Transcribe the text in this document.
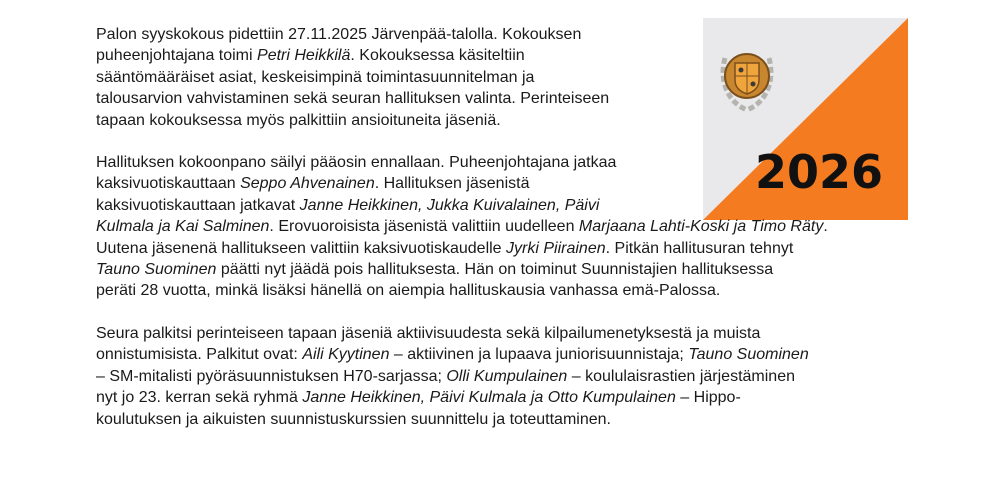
2026

Palon syyskokous pidettiin 27.11.2025 Järvenpää-talolla. Kokouksen
puheenjohtajana toimi Petri Heikkilä. Kokouksessa käsiteltiin
sääntömääräiset asiat, keskeisimpinä toimintasuunnitelman ja
talousarvion vahvistaminen sekä seuran hallituksen valinta. Perinteiseen
tapaan kokouksessa myös palkittiin ansioituneita jäseniä.

Hallituksen kokoonpano säilyi pääosin ennallaan. Puheenjohtajana jatkaa
kaksivuotiskauttaan Seppo Ahvenainen. Hallituksen jäsenistä
kaksivuotiskauttaan jatkavat Janne Heikkinen, Jukka Kuivalainen, Päivi
Kulmala ja Kai Salminen. Erovuoroisista jäsenistä valittiin uudelleen Marjaana Lahti-Koski ja Timo Räty.
Uutena jäsenenä hallitukseen valittiin kaksivuotiskaudelle Jyrki Piirainen. Pitkän hallitusuran tehnyt
Tauno Suominen päätti nyt jäädä pois hallituksesta. Hän on toiminut Suunnistajien hallituksessa
peräti 28 vuotta, minkä lisäksi hänellä on aiempia hallituskausia vanhassa emä-Palossa.

Seura palkitsi perinteiseen tapaan jäseniä aktiivisuudesta sekä kilpailumenetyksestä ja muista
onnistumisista. Palkitut ovat: Aili Kyytinen – aktiivinen ja lupaava juniorisuunnistaja; Tauno Suominen
– SM-mitalisti pyöräsuunnistuksen H70-sarjassa; Olli Kumpulainen – koululaisrastien järjestäminen
nyt jo 23. kerran sekä ryhmä Janne Heikkinen, Päivi Kulmala ja Otto Kumpulainen – Hippo-
koulutuksen ja aikuisten suunnistuskurssien suunnittelu ja toteuttaminen.
